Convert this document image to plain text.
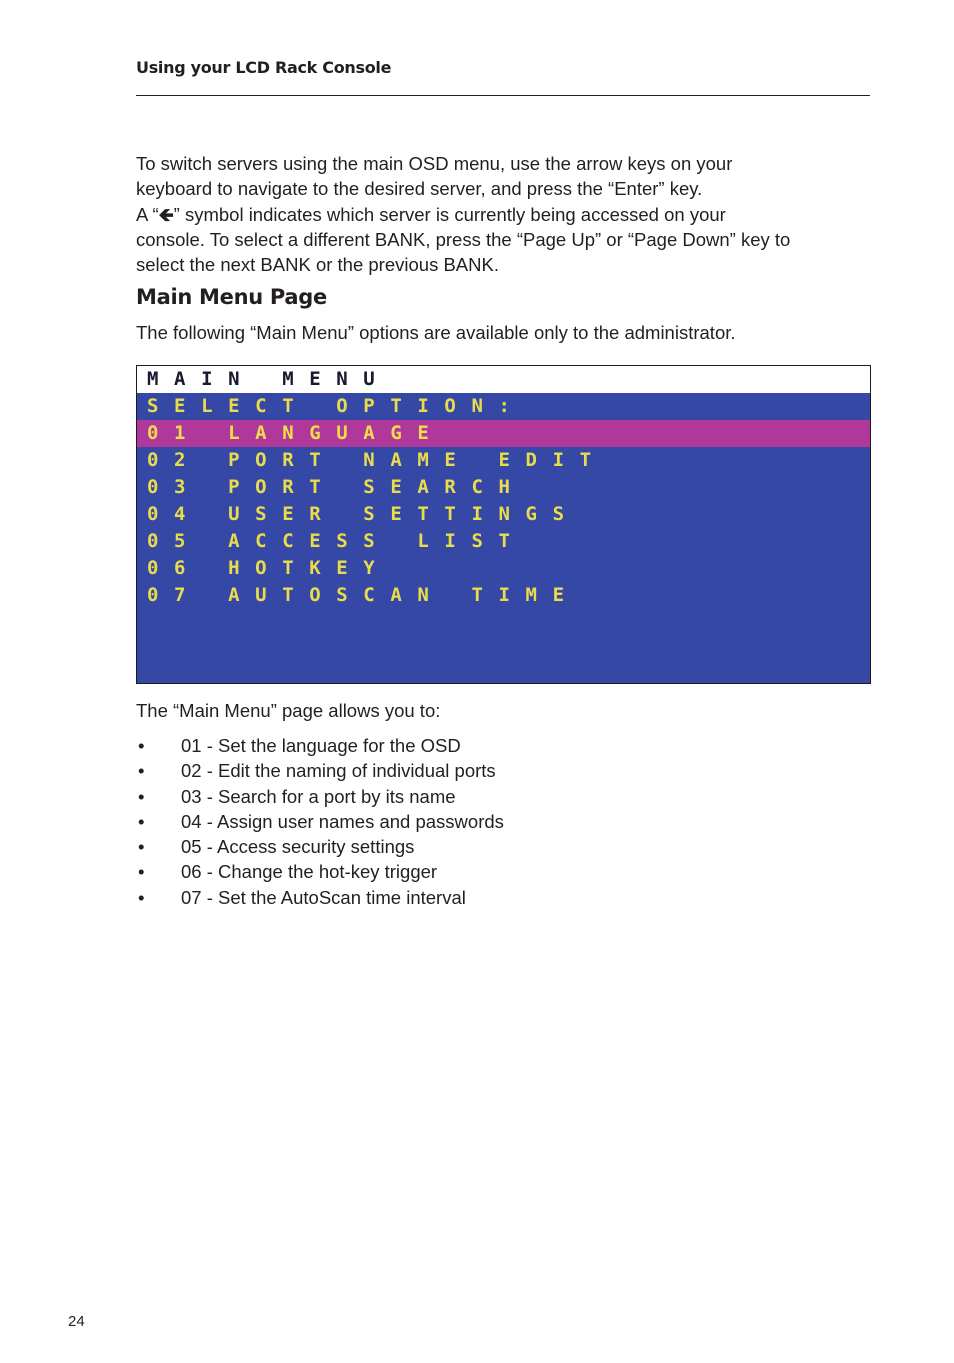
Using your LCD Rack Console

To switch servers using the main OSD menu, use the arrow keys on your
keyboard to navigate to the desired server, and press the “Enter” key.
A “🡸” symbol indicates which server is currently being accessed on your
console. To select a different BANK, press the “Page Up” or “Page Down” key to
select the next BANK or the previous BANK.

Main Menu Page

The following “Main Menu” options are available only to the administrator.

MAIN MENU
SELECT OPTION:
01 LANGUAGE
02 PORT NAME EDIT
03 PORT SEARCH
04 USER SETTINGS
05 ACCESS LIST
06 HOTKEY
07 AUTOSCAN TIME

The “Main Menu” page allows you to:

• 01 - Set the language for the OSD
• 02 - Edit the naming of individual ports
• 03 - Search for a port by its name
• 04 - Assign user names and passwords
• 05 - Access security settings
• 06 - Change the hot-key trigger
• 07 - Set the AutoScan time interval
24
